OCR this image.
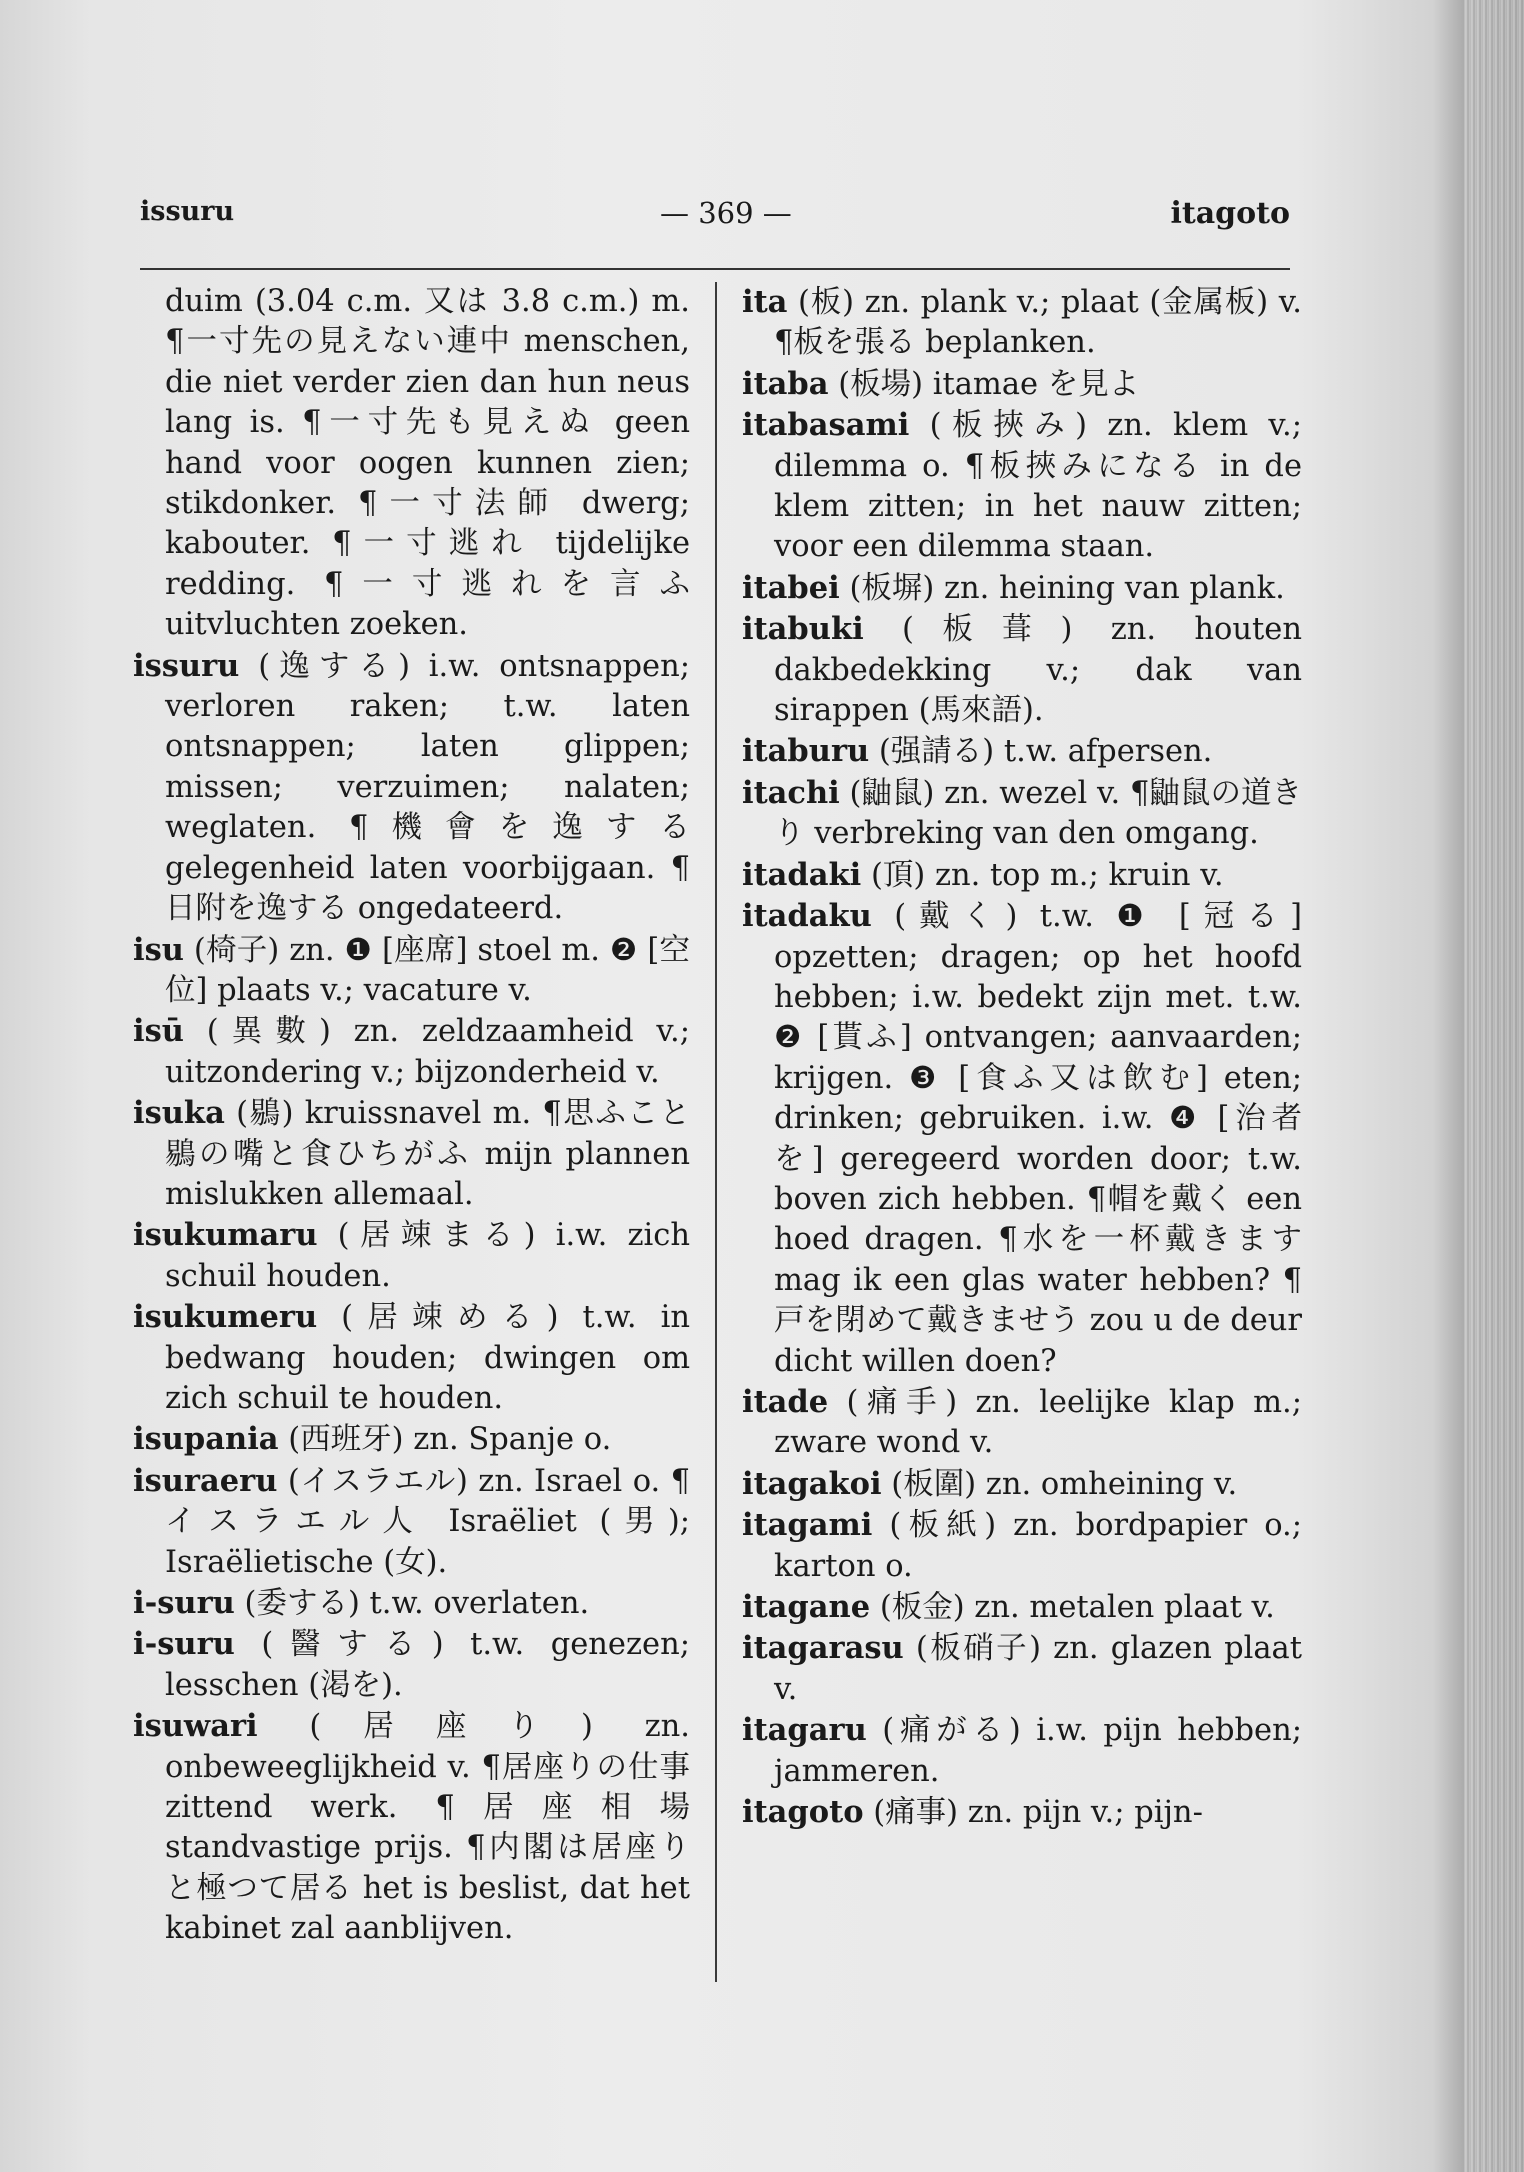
issuru	— 369 —	itagoto

duim (3.04 c.m. 又は 3.8 c.m.) m. ¶一寸先の見えない連中 menschen, die niet verder zien dan hun neus lang is. ¶一寸先も見えぬ geen hand voor oogen kunnen zien; stikdonker. ¶一寸法師 dwerg; kabouter. ¶一寸逃れ tijdelijke redding. ¶一寸逃れを言ふ uitvluchten zoeken.

issuru (逸する) i.w. ontsnappen; verloren raken; t.w. laten ontsnappen; laten glippen; missen; verzuimen; nalaten; weglaten. ¶機會を逸する gelegenheid laten voorbijgaan. ¶日附を逸する ongedateerd.

isu (椅子) zn. ❶ [座席] stoel m. ❷ [空位] plaats v.; vacature v.

isū (異數) zn. zeldzaamheid v.; uitzondering v.; bijzonderheid v.

isuka (鶍) kruissnavel m. ¶思ふこと鶍の嘴と食ひちがふ mijn plannen mislukken allemaal.

isukumaru (居竦まる) i.w. zich schuil houden.

isukumeru (居竦める) t.w. in bedwang houden; dwingen om zich schuil te houden.

isupania (西班牙) zn. Spanje o.

isuraeru (イスラエル) zn. Israel o. ¶イスラエル人 Israëliet (男); Israëlietische (女).

i-suru (委する) t.w. overlaten.

i-suru (醫する) t.w. genezen; lesschen (渇を).

isuwari (居座り) zn. onbeweeglijkheid v. ¶居座りの仕事 zittend werk. ¶居座相場 standvastige prijs. ¶内閣は居座りと極つて居る het is beslist, dat het kabinet zal aanblijven.

ita (板) zn. plank v.; plaat (金属板) v. ¶板を張る beplanken.

itaba (板場) itamae を見よ

itabasami (板挾み) zn. klem v.; dilemma o. ¶板挾みになる in de klem zitten; in het nauw zitten; voor een dilemma staan.

itabei (板塀) zn. heining van plank.

itabuki (板葺) zn. houten dakbedekking v.; dak van sirappen (馬來語).

itaburu (强請る) t.w. afpersen.

itachi (鼬鼠) zn. wezel v. ¶鼬鼠の道きり verbreking van den omgang.

itadaki (頂) zn. top m.; kruin v.

itadaku (戴く) t.w. ❶ [冠る] opzetten; dragen; op het hoofd hebben; i.w. bedekt zijn met. t.w. ❷ [貰ふ] ontvangen; aanvaarden; krijgen. ❸ [食ふ又は飲む] eten; drinken; gebruiken. i.w. ❹ [治者を] geregeerd worden door; t.w. boven zich hebben. ¶帽を戴く een hoed dragen. ¶水を一杯戴きます mag ik een glas water hebben? ¶戸を閉めて戴きませう zou u de deur dicht willen doen?

itade (痛手) zn. leelijke klap m.; zware wond v.

itagakoi (板圍) zn. omheining v.

itagami (板紙) zn. bordpapier o.; karton o.

itagane (板金) zn. metalen plaat v.

itagarasu (板硝子) zn. glazen plaat v.

itagaru (痛がる) i.w. pijn hebben; jammeren.

itagoto (痛事) zn. pijn v.; pijn-
